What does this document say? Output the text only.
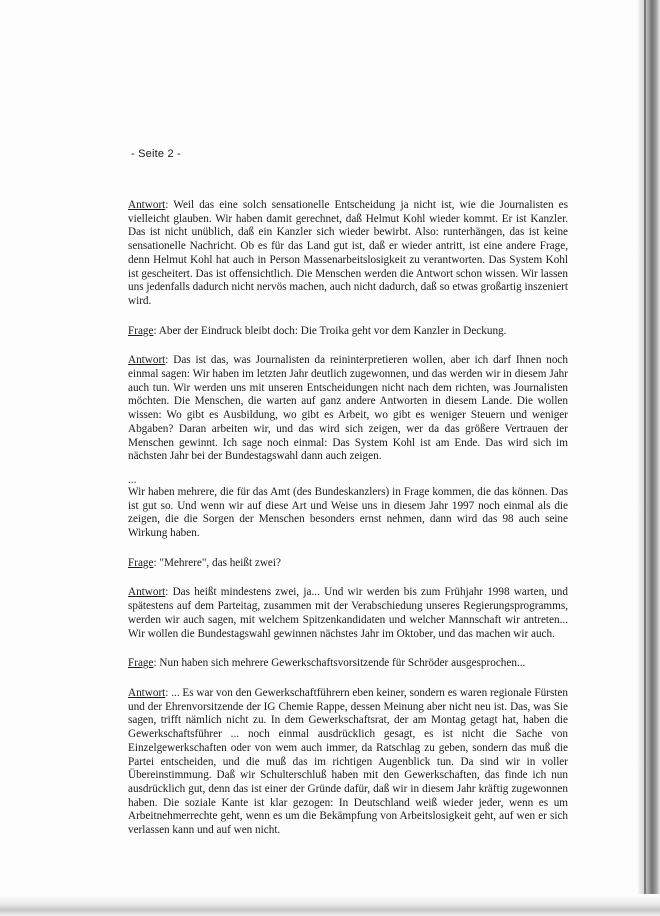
- Seite 2 -

Antwort: Weil das eine solch sensationelle Entscheidung ja nicht ist, wie die Journalisten es vielleicht glauben. Wir haben damit gerechnet, daß Helmut Kohl wieder kommt. Er ist Kanzler. Das ist nicht unüblich, daß ein Kanzler sich wieder bewirbt. Also: runterhängen, das ist keine sensationelle Nachricht. Ob es für das Land gut ist, daß er wieder antritt, ist eine andere Frage, denn Helmut Kohl hat auch in Person Massenarbeitslosigkeit zu verantworten. Das System Kohl ist gescheitert. Das ist offensichtlich. Die Menschen werden die Antwort schon wissen. Wir lassen uns jedenfalls dadurch nicht nervös machen, auch nicht dadurch, daß so etwas großartig inszeniert wird.

Frage: Aber der Eindruck bleibt doch: Die Troika geht vor dem Kanzler in Deckung.

Antwort: Das ist das, was Journalisten da reininterpretieren wollen, aber ich darf Ihnen noch einmal sagen: Wir haben im letzten Jahr deutlich zugewonnen, und das werden wir in diesem Jahr auch tun. Wir werden uns mit unseren Entscheidungen nicht nach dem richten, was Journalisten möchten. Die Menschen, die warten auf ganz andere Antworten in diesem Lande. Die wollen wissen: Wo gibt es Ausbildung, wo gibt es Arbeit, wo gibt es weniger Steuern und weniger Abgaben? Daran arbeiten wir, und das wird sich zeigen, wer da das größere Vertrauen der Menschen gewinnt. Ich sage noch einmal: Das System Kohl ist am Ende. Das wird sich im nächsten Jahr bei der Bundestagswahl dann auch zeigen.

...

Wir haben mehrere, die für das Amt (des Bundeskanzlers) in Frage kommen, die das können. Das ist gut so. Und wenn wir auf diese Art und Weise uns in diesem Jahr 1997 noch einmal als die zeigen, die die Sorgen der Menschen besonders ernst nehmen, dann wird das 98 auch seine Wirkung haben.

Frage: "Mehrere", das heißt zwei?

Antwort: Das heißt mindestens zwei, ja... Und wir werden bis zum Frühjahr 1998 warten, und spätestens auf dem Parteitag, zusammen mit der Verabschiedung unseres Regierungsprogramms, werden wir auch sagen, mit welchem Spitzenkandidaten und welcher Mannschaft wir antreten... Wir wollen die Bundestagswahl gewinnen nächstes Jahr im Oktober, und das machen wir auch.

Frage: Nun haben sich mehrere Gewerkschaftsvorsitzende für Schröder ausgesprochen...

Antwort: ... Es war von den Gewerkschaftführern eben keiner, sondern es waren regionale Fürsten und der Ehrenvorsitzende der IG Chemie Rappe, dessen Meinung aber nicht neu ist. Das, was Sie sagen, trifft nämlich nicht zu. In dem Gewerkschaftsrat, der am Montag getagt hat, haben die Gewerkschaftsführer ... noch einmal ausdrücklich gesagt, es ist nicht die Sache von Einzelgewerkschaften oder von wem auch immer, da Ratschlag zu geben, sondern das muß die Partei entscheiden, und die muß das im richtigen Augenblick tun. Da sind wir in voller Übereinstimmung. Daß wir Schulterschluß haben mit den Gewerkschaften, das finde ich nun ausdrücklich gut, denn das ist einer der Gründe dafür, daß wir in diesem Jahr kräftig zugewonnen haben. Die soziale Kante ist klar gezogen: In Deutschland weiß wieder jeder, wenn es um Arbeitnehmerrechte geht, wenn es um die Bekämpfung von Arbeitslosigkeit geht, auf wen er sich verlassen kann und auf wen nicht.
